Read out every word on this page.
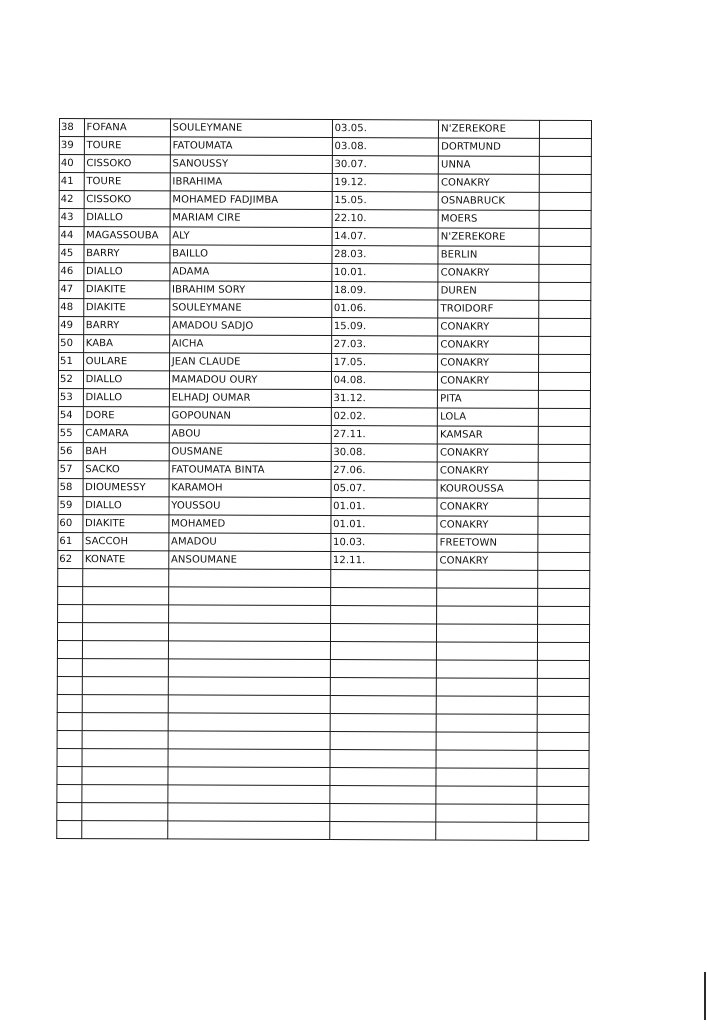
38	FOFANA	SOULEYMANE	03.05.	N'ZEREKORE	
39	TOURE	FATOUMATA	03.08.	DORTMUND	
40	CISSOKO	SANOUSSY	30.07.	UNNA	
41	TOURE	IBRAHIMA	19.12.	CONAKRY	
42	CISSOKO	MOHAMED FADJIMBA	15.05.	OSNABRUCK	
43	DIALLO	MARIAM CIRE	22.10.	MOERS	
44	MAGASSOUBA	ALY	14.07.	N'ZEREKORE	
45	BARRY	BAILLO	28.03.	BERLIN	
46	DIALLO	ADAMA	10.01.	CONAKRY	
47	DIAKITE	IBRAHIM SORY	18.09.	DUREN	
48	DIAKITE	SOULEYMANE	01.06.	TROIDORF	
49	BARRY	AMADOU SADJO	15.09.	CONAKRY	
50	KABA	AICHA	27.03.	CONAKRY	
51	OULARE	JEAN CLAUDE	17.05.	CONAKRY	
52	DIALLO	MAMADOU OURY	04.08.	CONAKRY	
53	DIALLO	ELHADJ OUMAR	31.12.	PITA	
54	DORE	GOPOUNAN	02.02.	LOLA	
55	CAMARA	ABOU	27.11.	KAMSAR	
56	BAH	OUSMANE	30.08.	CONAKRY	
57	SACKO	FATOUMATA BINTA	27.06.	CONAKRY	
58	DIOUMESSY	KARAMOH	05.07.	KOUROUSSA	
59	DIALLO	YOUSSOU	01.01.	CONAKRY	
60	DIAKITE	MOHAMED	01.01.	CONAKRY	
61	SACCOH	AMADOU	10.03.	FREETOWN	
62	KONATE	ANSOUMANE	12.11.	CONAKRY	
